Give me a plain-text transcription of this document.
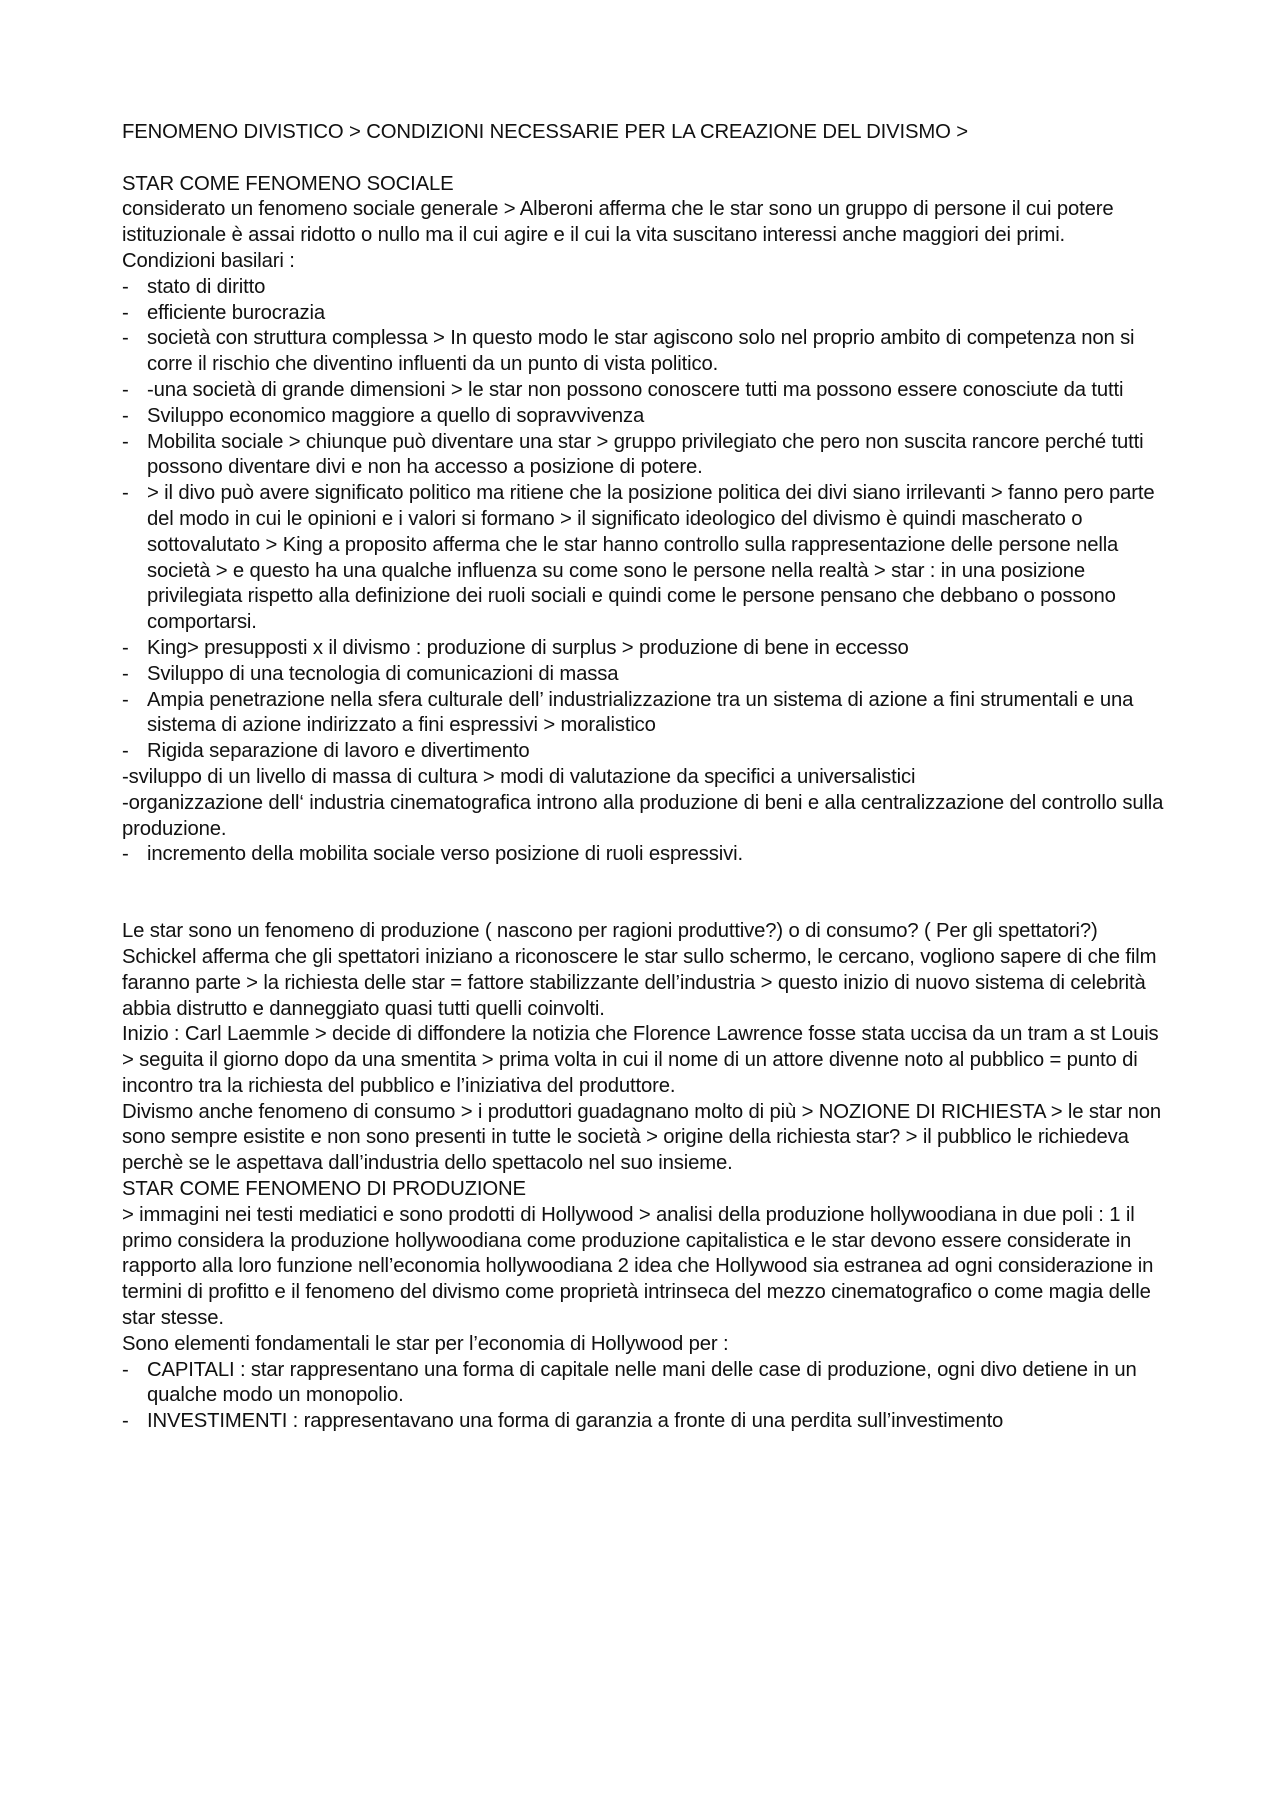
FENOMENO DIVISTICO > CONDIZIONI NECESSARIE PER LA CREAZIONE DEL DIVISMO >

STAR COME FENOMENO SOCIALE

considerato un fenomeno sociale generale > Alberoni afferma che le star sono un gruppo di persone il cui potere istituzionale è assai ridotto o nullo ma il cui agire e il cui la vita suscitano interessi anche maggiori dei primi.

Condizioni basilari :

- stato di diritto
- efficiente burocrazia
- società con struttura complessa > In questo modo le star agiscono solo nel proprio ambito di competenza non si corre il rischio che diventino influenti da un punto di vista politico.
- -una società di grande dimensioni > le star non possono conoscere tutti ma possono essere conosciute da tutti
- Sviluppo economico maggiore a quello di sopravvivenza
- Mobilita sociale > chiunque può diventare una star > gruppo privilegiato che pero non suscita rancore perché tutti possono diventare divi e non ha accesso a posizione di potere.
- > il divo può avere significato politico ma ritiene che la posizione politica dei divi siano irrilevanti > fanno pero parte del modo in cui le opinioni e i valori si formano > il significato ideologico del divismo è quindi mascherato o sottovalutato > King a proposito afferma che le star hanno controllo sulla rappresentazione delle persone nella società > e questo ha una qualche influenza su come sono le persone nella realtà > star : in una posizione privilegiata rispetto alla definizione dei ruoli sociali e quindi come le persone pensano che debbano o possono comportarsi.
- King> presupposti x il divismo : produzione di surplus > produzione di bene in eccesso
- Sviluppo di una tecnologia di comunicazioni di massa
- Ampia penetrazione nella sfera culturale dell’ industrializzazione tra un sistema di azione a fini strumentali e una sistema di azione indirizzato a fini espressivi > moralistico
- Rigida separazione di lavoro e divertimento

-sviluppo di un livello di massa di cultura > modi di valutazione da specifici a universalistici

-organizzazione dell‘ industria cinematografica introno alla produzione di beni e alla centralizzazione del controllo sulla produzione.

- incremento della mobilita sociale verso posizione di ruoli espressivi.

Le star sono un fenomeno di produzione ( nascono per ragioni produttive?) o di consumo? ( Per gli spettatori?)

Schickel afferma che gli spettatori iniziano a riconoscere le star sullo schermo, le cercano, vogliono sapere di che film faranno parte > la richiesta delle star = fattore stabilizzante dell’industria > questo inizio di nuovo sistema di celebrità abbia distrutto e danneggiato quasi tutti quelli coinvolti.

Inizio : Carl Laemmle > decide di diffondere la notizia che Florence Lawrence fosse stata uccisa da un tram a st Louis > seguita il giorno dopo da una smentita > prima volta in cui il nome di un attore divenne noto al pubblico = punto di incontro tra la richiesta del pubblico e l’iniziativa del produttore.

Divismo anche fenomeno di consumo > i produttori guadagnano molto di più > NOZIONE DI RICHIESTA > le star non sono sempre esistite e non sono presenti in tutte le società > origine della richiesta star? > il pubblico le richiedeva perchè se le aspettava dall’industria dello spettacolo nel suo insieme.

STAR COME FENOMENO DI PRODUZIONE

> immagini nei testi mediatici e sono prodotti di Hollywood > analisi della produzione hollywoodiana in due poli : 1 il primo considera la produzione hollywoodiana come produzione capitalistica e le star devono essere considerate in rapporto alla loro funzione nell’economia hollywoodiana 2 idea che Hollywood sia estranea ad ogni considerazione in termini di profitto e il fenomeno del divismo come proprietà intrinseca del mezzo cinematografico o come magia delle star stesse.

Sono elementi fondamentali le star per l’economia di Hollywood per :

- CAPITALI : star rappresentano una forma di capitale nelle mani delle case di produzione, ogni divo detiene in un qualche modo un monopolio.
- INVESTIMENTI : rappresentavano una forma di garanzia a fronte di una perdita sull’investimento
